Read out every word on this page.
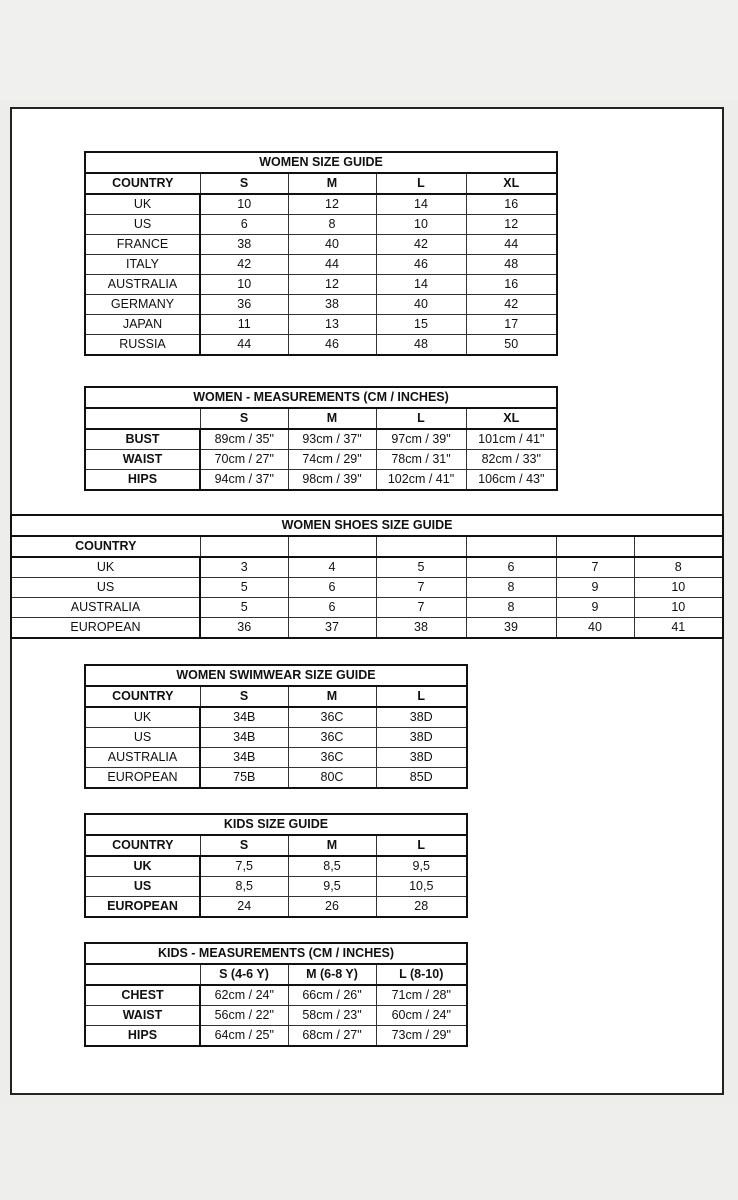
WOMEN SIZE GUIDE				
COUNTRY	S	M	L	XL
UK	10	12	14	16
US	6	8	10	12
FRANCE	38	40	42	44
ITALY	42	44	46	48
AUSTRALIA	10	12	14	16
GERMANY	36	38	40	42
JAPAN	11	13	15	17
RUSSIA	44	46	48	50
WOMEN - MEASUREMENTS (CM / INCHES)				
	S	M	L	XL
BUST	89cm / 35"	93cm / 37"	97cm / 39"	101cm / 41"
WAIST	70cm / 27"	74cm / 29"	78cm / 31"	82cm / 33"
HIPS	94cm / 37"	98cm / 39"	102cm / 41"	106cm / 43"
WOMEN SHOES SIZE GUIDE						
COUNTRY						
UK	3	4	5	6	7	8
US	5	6	7	8	9	10
AUSTRALIA	5	6	7	8	9	10
EUROPEAN	36	37	38	39	40	41
WOMEN SWIMWEAR SIZE GUIDE			
COUNTRY	S	M	L
UK	34B	36C	38D
US	34B	36C	38D
AUSTRALIA	34B	36C	38D
EUROPEAN	75B	80C	85D
KIDS SIZE GUIDE			
COUNTRY	S	M	L
UK	7,5	8,5	9,5
US	8,5	9,5	10,5
EUROPEAN	24	26	28
KIDS - MEASUREMENTS (CM / INCHES)			
	S (4-6 Y)	M (6-8 Y)	L (8-10)
CHEST	62cm / 24"	66cm / 26"	71cm / 28"
WAIST	56cm / 22"	58cm / 23"	60cm / 24"
HIPS	64cm / 25"	68cm / 27"	73cm / 29"
